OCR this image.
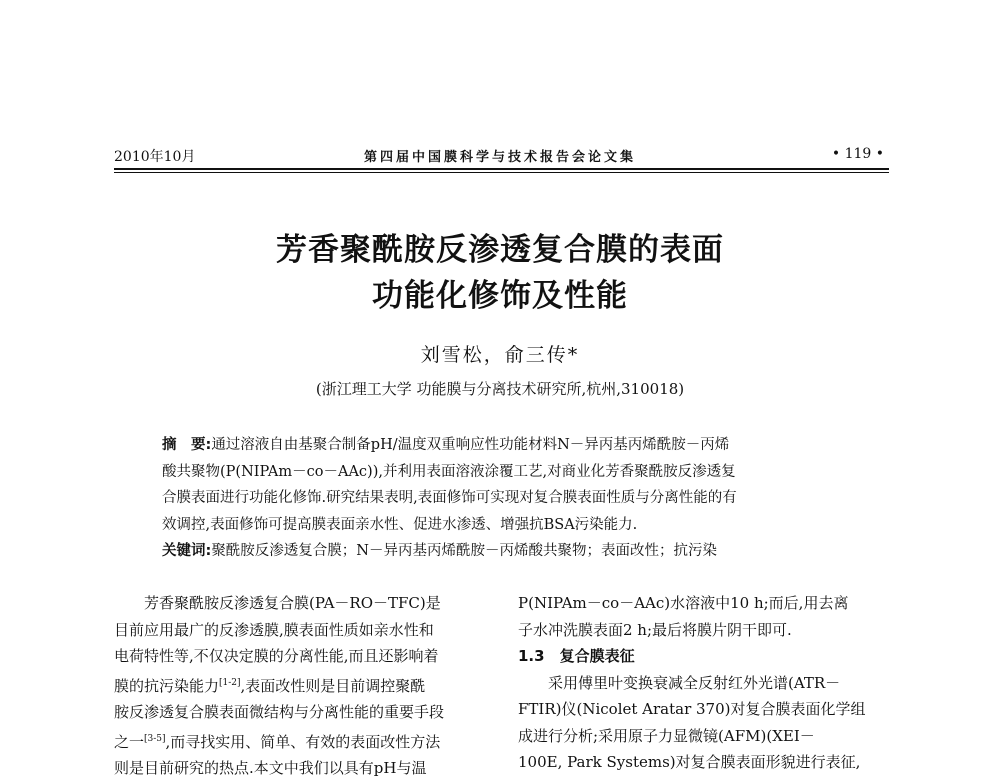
2010年10月	第四届中国膜科学与技术报告会论文集	• 119 •
芳香聚酰胺反渗透复合膜的表面
功能化修饰及性能
刘雪松，俞三传*
(浙江理工大学 功能膜与分离技术研究所,杭州,310018)
摘　要:通过溶液自由基聚合制备pH/温度双重响应性功能材料N－异丙基丙烯酰胺－丙烯
酸共聚物(P(NIPAm－co－AAc)),并利用表面溶液涂覆工艺,对商业化芳香聚酰胺反渗透复
合膜表面进行功能化修饰.研究结果表明,表面修饰可实现对复合膜表面性质与分离性能的有
效调控,表面修饰可提高膜表面亲水性、促进水渗透、增强抗BSA污染能力.
关键词:聚酰胺反渗透复合膜；N－异丙基丙烯酰胺－丙烯酸共聚物；表面改性；抗污染
芳香聚酰胺反渗透复合膜(PA－RO－TFC)是
目前应用最广的反渗透膜,膜表面性质如亲水性和
电荷特性等,不仅决定膜的分离性能,而且还影响着
膜的抗污染能力[1-2],表面改性则是目前调控聚酰
胺反渗透复合膜表面微结构与分离性能的重要手段
之一[3-5],而寻找实用、简单、有效的表面改性方法
则是目前研究的热点.本文中我们以具有pH与温
P(NIPAm－co－AAc)水溶液中10 h;而后,用去离
子水冲洗膜表面2 h;最后将膜片阴干即可.
1.3　复合膜表征
采用傅里叶变换衰减全反射红外光谱(ATR－
FTIR)仪(Nicolet Aratar 370)对复合膜表面化学组
成进行分析;采用原子力显微镜(AFM)(XEI－
100E, Park Systems)对复合膜表面形貌进行表征,
